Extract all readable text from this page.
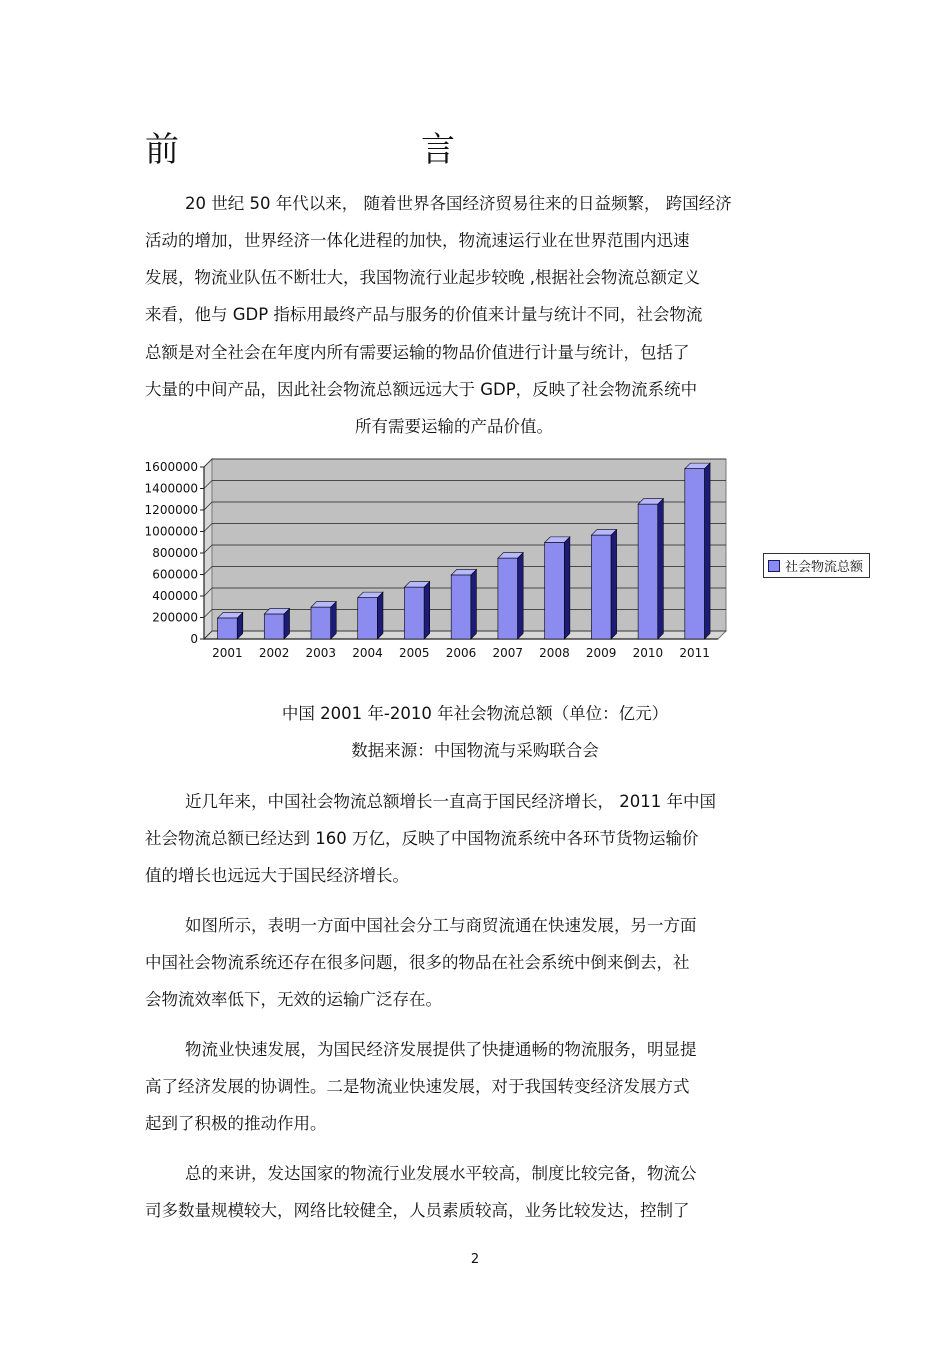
前　　言
20 世纪 50 年代以来， 随着世界各国经济贸易往来的日益频繁， 跨国经济
活动的增加，世界经济一体化进程的加快，物流速运行业在世界范围内迅速
发展，物流业队伍不断壮大，我国物流行业起步较晚 ,根据社会物流总额定义
来看，他与 GDP 指标用最终产品与服务的价值来计量与统计不同，社会物流
总额是对全社会在年度内所有需要运输的物品价值进行计量与统计，包括了
大量的中间产品，因此社会物流总额远远大于 GDP，反映了社会物流系统中
所有需要运输的产品价值。
0
200000
400000
600000
800000
1000000
1200000
1400000
1600000
2001 2002 2003 2004 2005 2006 2007 2008 2009 2010 2011
社会物流总额
中国 2001 年-2010 年社会物流总额（单位：亿元）
数据来源：中国物流与采购联合会
近几年来，中国社会物流总额增长一直高于国民经济增长， 2011 年中国
社会物流总额已经达到 160 万亿，反映了中国物流系统中各环节货物运输价
值的增长也远远大于国民经济增长。
如图所示，表明一方面中国社会分工与商贸流通在快速发展，另一方面
中国社会物流系统还存在很多问题，很多的物品在社会系统中倒来倒去，社
会物流效率低下，无效的运输广泛存在。
物流业快速发展，为国民经济发展提供了快捷通畅的物流服务，明显提
高了经济发展的协调性。二是物流业快速发展，对于我国转变经济发展方式
起到了积极的推动作用。
总的来讲，发达国家的物流行业发展水平较高，制度比较完备，物流公
司多数量规模较大，网络比较健全，人员素质较高，业务比较发达，控制了
2
